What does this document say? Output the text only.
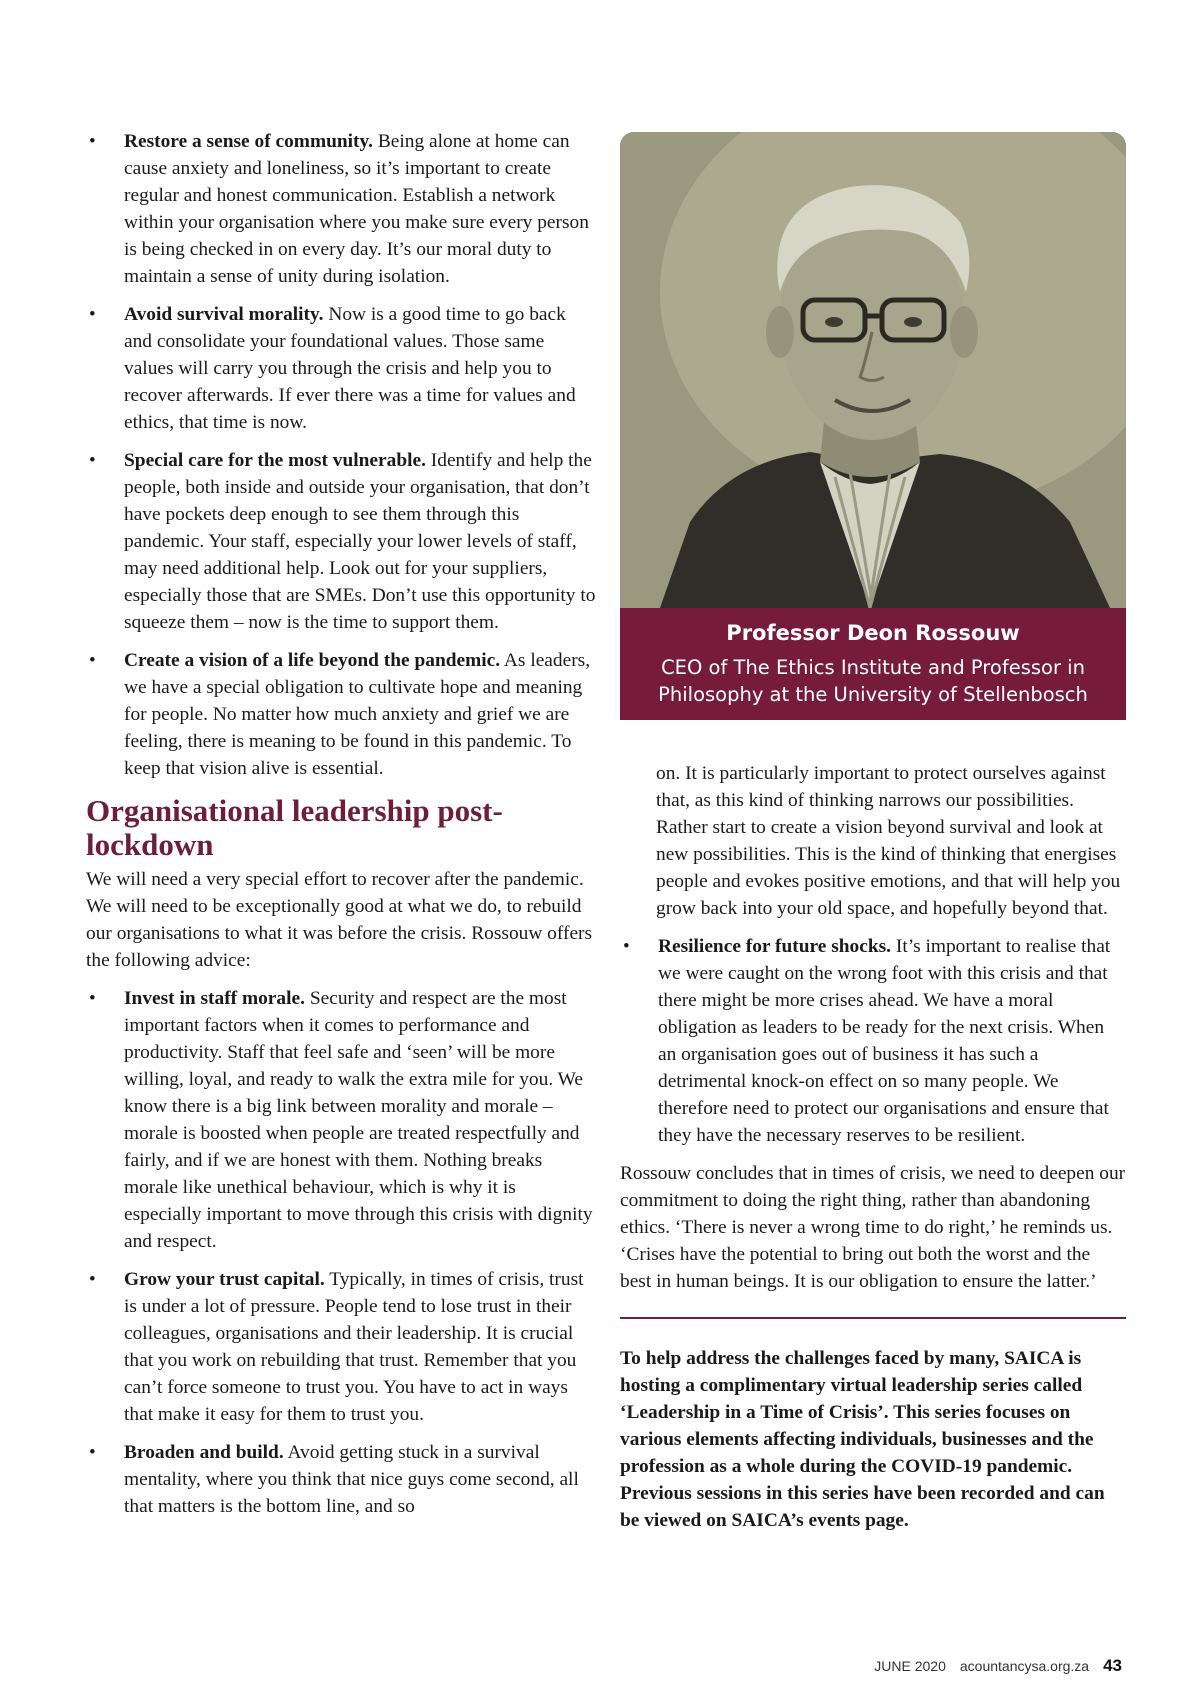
• Restore a sense of community. Being alone at home can cause anxiety and loneliness, so it’s important to create regular and honest communication. Establish a network within your organisation where you make sure every person is being checked in on every day. It’s our moral duty to maintain a sense of unity during isolation.
• Avoid survival morality. Now is a good time to go back and consolidate your foundational values. Those same values will carry you through the crisis and help you to recover afterwards. If ever there was a time for values and ethics, that time is now.
• Special care for the most vulnerable. Identify and help the people, both inside and outside your organisation, that don’t have pockets deep enough to see them through this pandemic. Your staff, especially your lower levels of staff, may need additional help. Look out for your suppliers, especially those that are SMEs. Don’t use this opportunity to squeeze them – now is the time to support them.
• Create a vision of a life beyond the pandemic. As leaders, we have a special obligation to cultivate hope and meaning for people. No matter how much anxiety and grief we are feeling, there is meaning to be found in this pandemic. To keep that vision alive is essential.
Organisational leadership post-lockdown

We will need a very special effort to recover after the pandemic. We will need to be exceptionally good at what we do, to rebuild our organisations to what it was before the crisis. Rossouw offers the following advice:

• Invest in staff morale. Security and respect are the most important factors when it comes to performance and productivity. Staff that feel safe and ‘seen’ will be more willing, loyal, and ready to walk the extra mile for you. We know there is a big link between morality and morale – morale is boosted when people are treated respectfully and fairly, and if we are honest with them. Nothing breaks morale like unethical behaviour, which is why it is especially important to move through this crisis with dignity and respect.
• Grow your trust capital. Typically, in times of crisis, trust is under a lot of pressure. People tend to lose trust in their colleagues, organisations and their leadership. It is crucial that you work on rebuilding that trust. Remember that you can’t force someone to trust you. You have to act in ways that make it easy for them to trust you.
• Broaden and build. Avoid getting stuck in a survival mentality, where you think that nice guys come second, all that matters is the bottom line, and so
Professor Deon Rossouw
CEO of The Ethics Institute and Professor in Philosophy at the University of Stellenbosch

on. It is particularly important to protect ourselves against that, as this kind of thinking narrows our possibilities. Rather start to create a vision beyond survival and look at new possibilities. This is the kind of thinking that energises people and evokes positive emotions, and that will help you grow back into your old space, and hopefully beyond that.

• Resilience for future shocks. It’s important to realise that we were caught on the wrong foot with this crisis and that there might be more crises ahead. We have a moral obligation as leaders to be ready for the next crisis. When an organisation goes out of business it has such a detrimental knock-on effect on so many people. We therefore need to protect our organisations and ensure that they have the necessary reserves to be resilient.

Rossouw concludes that in times of crisis, we need to deepen our commitment to doing the right thing, rather than abandoning ethics. ‘There is never a wrong time to do right,’ he reminds us. ‘Crises have the potential to bring out both the worst and the best in human beings. It is our obligation to ensure the latter.’

To help address the challenges faced by many, SAICA is hosting a complimentary virtual leadership series called ‘Leadership in a Time of Crisis’. This series focuses on various elements affecting individuals, businesses and the profession as a whole during the COVID-19 pandemic. Previous sessions in this series have been recorded and can be viewed on SAICA’s events page.

JUNE 2020 acountancysa.org.za 43
